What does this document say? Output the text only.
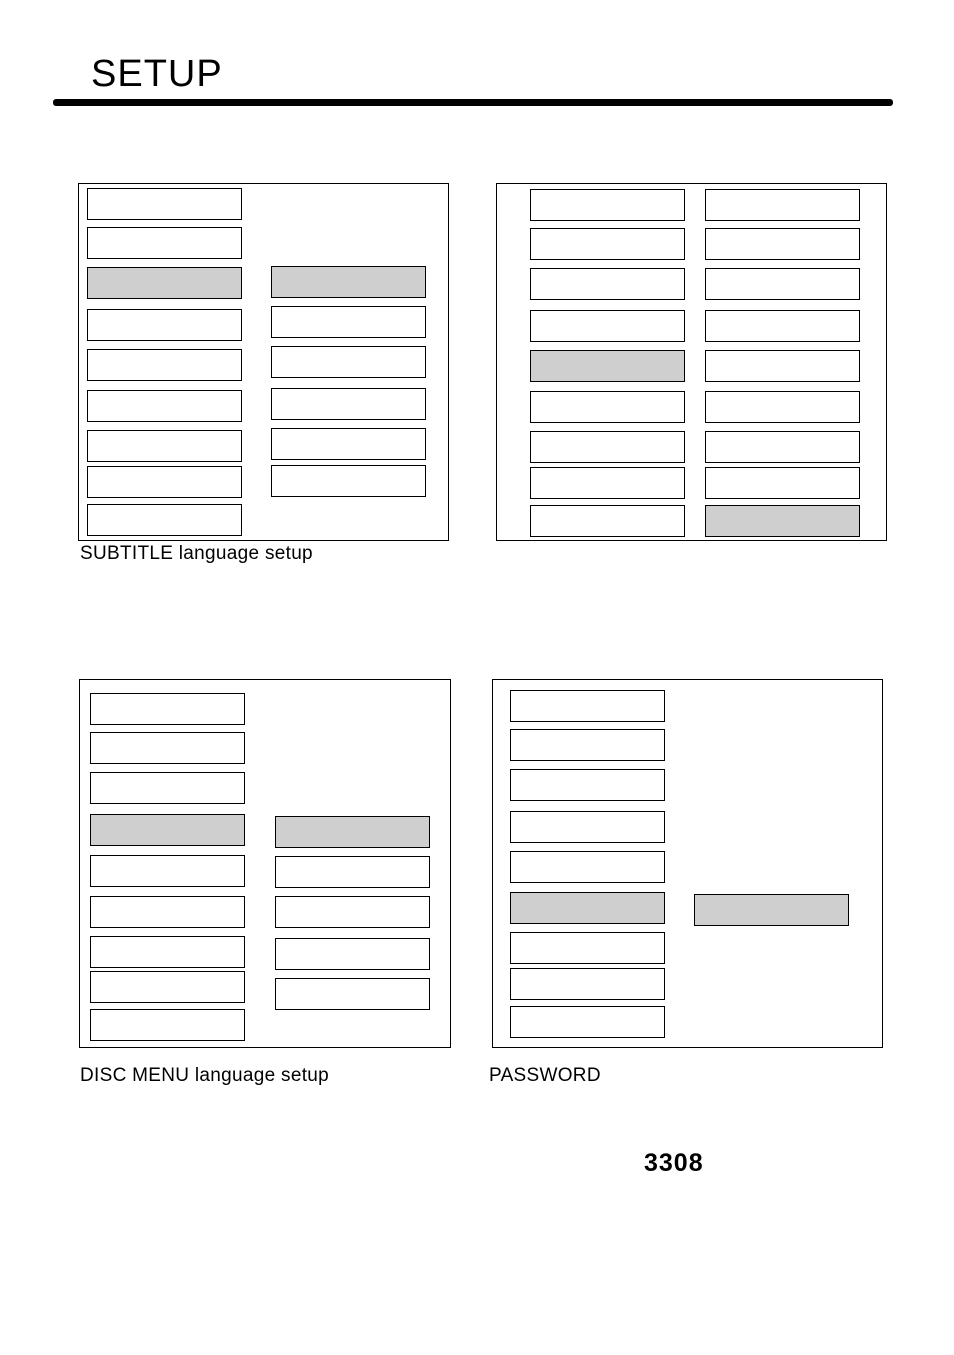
SETUP
SUBTITLE language setup
DISC MENU language setup	PASSWORD
3308
